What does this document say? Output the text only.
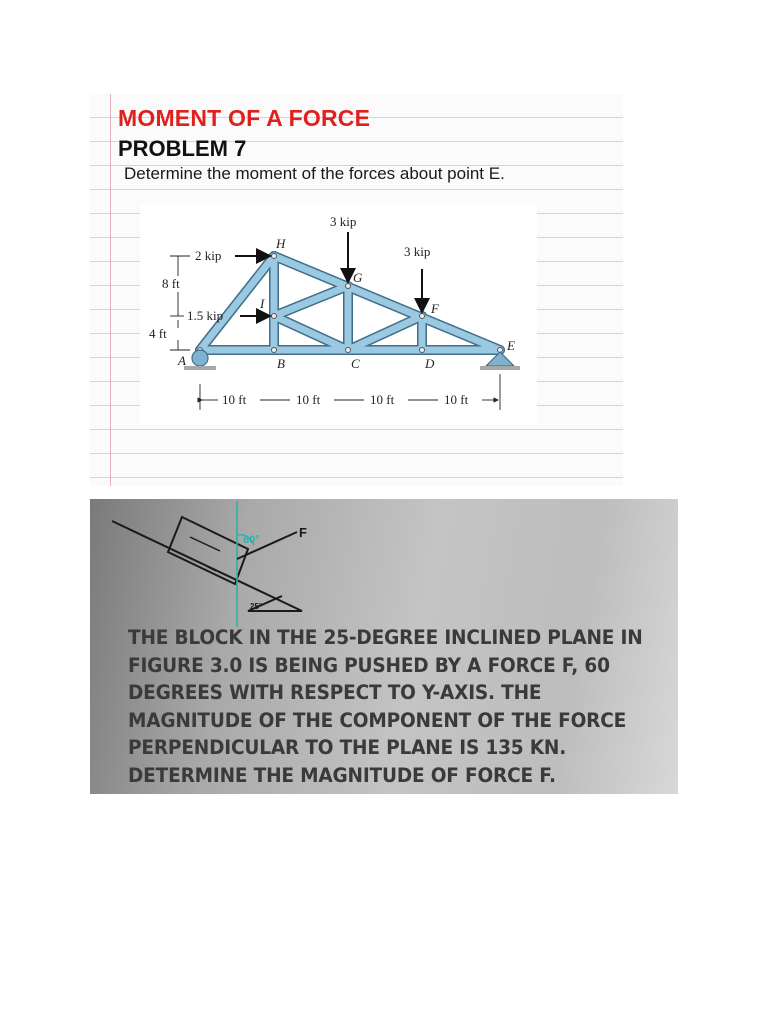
MOMENT OF A FORCE
PROBLEM 7

Determine the moment of the forces about point E.

3 kip
3 kip
2 kip
1.5 kip
8 ft
4 ft
A	B	C	D
E
F
G
H
I
10 ft	10 ft	10 ft	10 ft
60°	F
25°

THE BLOCK IN THE 25-DEGREE INCLINED PLANE IN FIGURE 3.0 IS BEING PUSHED BY A FORCE F, 60 DEGREES WITH RESPECT TO Y-AXIS. THE MAGNITUDE OF THE COMPONENT OF THE FORCE PERPENDICULAR TO THE PLANE IS 135 KN. DETERMINE THE MAGNITUDE OF FORCE F.
